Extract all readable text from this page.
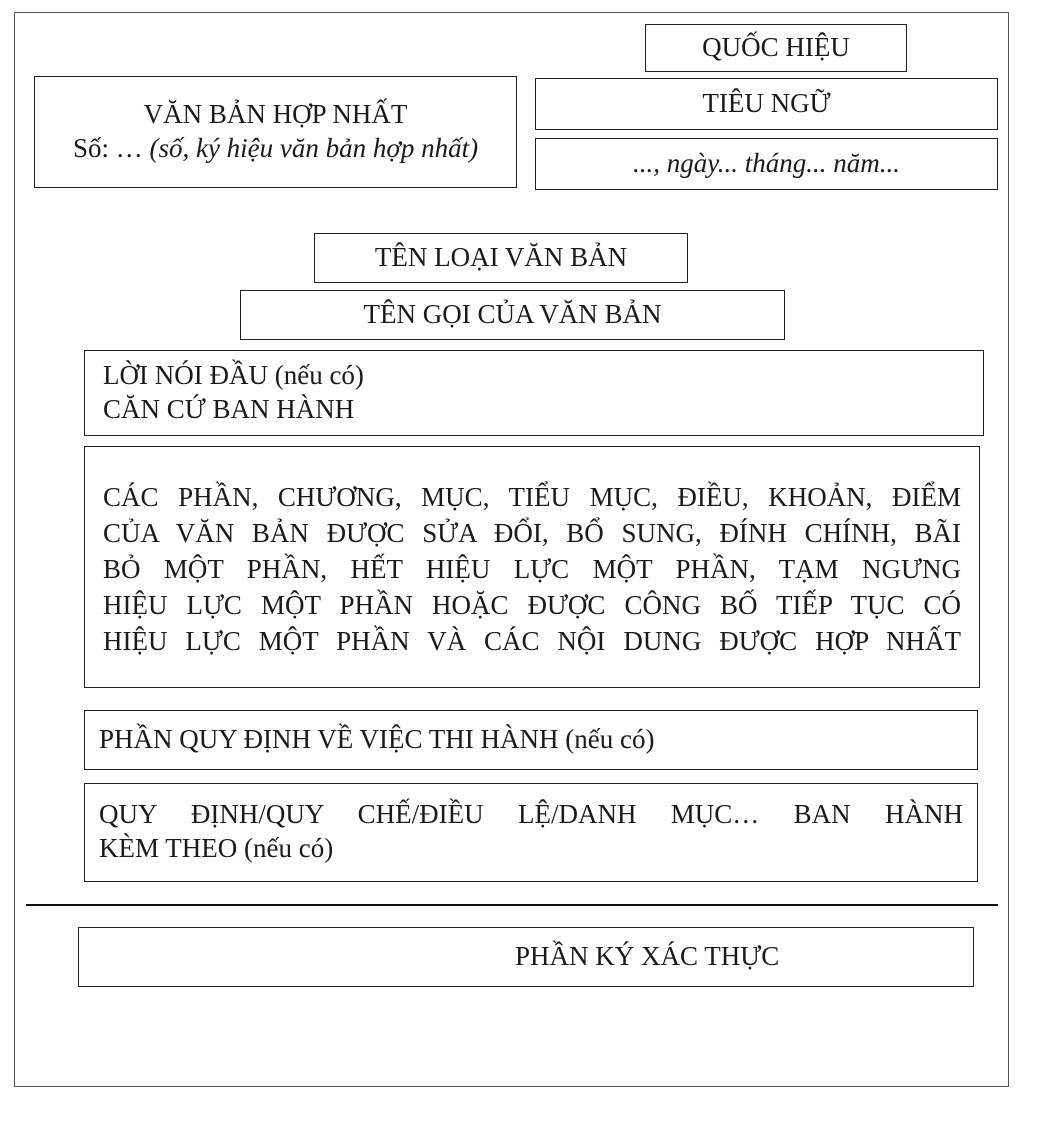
QUỐC HIỆU
TIÊU NGỮ
..., ngày... tháng... năm...
VĂN BẢN HỢP NHẤT
Số: … (số, ký hiệu văn bản hợp nhất)
TÊN LOẠI VĂN BẢN
TÊN GỌI CỦA VĂN BẢN
LỜI NÓI ĐẦU (nếu có)
CĂN CỨ BAN HÀNH
CÁC PHẦN, CHƯƠNG, MỤC, TIỂU MỤC, ĐIỀU, KHOẢN, ĐIỂM
CỦA VĂN BẢN ĐƯỢC SỬA ĐỔI, BỔ SUNG, ĐÍNH CHÍNH, BÃI
BỎ MỘT PHẦN, HẾT HIỆU LỰC MỘT PHẦN, TẠM NGƯNG
HIỆU LỰC MỘT PHẦN HOẶC ĐƯỢC CÔNG BỐ TIẾP TỤC CÓ
HIỆU LỰC MỘT PHẦN VÀ CÁC NỘI DUNG ĐƯỢC HỢP NHẤT
PHẦN QUY ĐỊNH VỀ VIỆC THI HÀNH (nếu có)
QUY ĐỊNH/QUY CHẾ/ĐIỀU LỆ/DANH MỤC… BAN HÀNH
KÈM THEO (nếu có)
PHẦN KÝ XÁC THỰC
